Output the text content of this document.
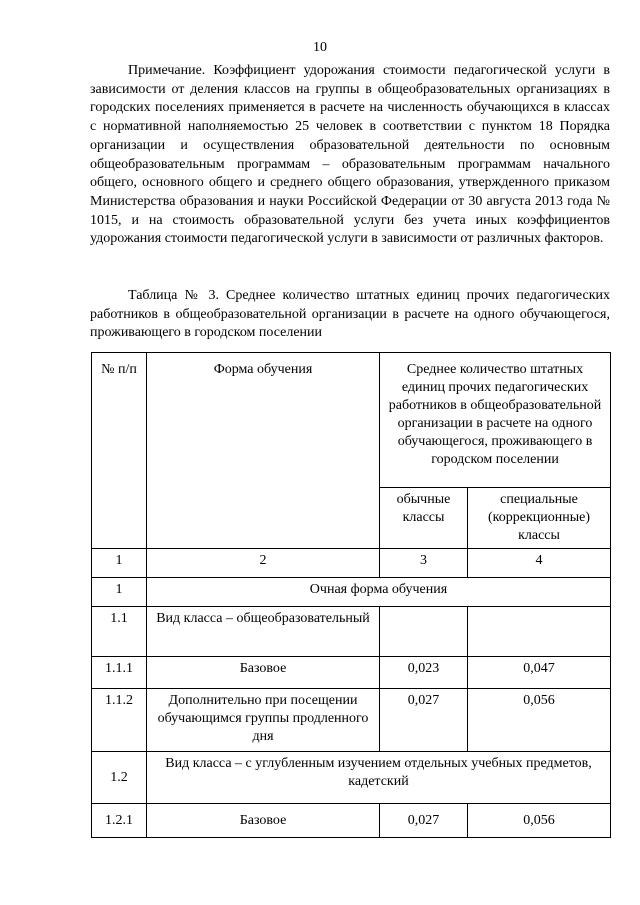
10

Примечание. Коэффициент удорожания стоимости педагогической услуги в зависимости от деления классов на группы в общеобразовательных организациях в городских поселениях применяется в расчете на численность обучающихся в классах с нормативной наполняемостью 25 человек в соответствии с пунктом 18 Порядка организации и осуществления образовательной деятельности по основным общеобразовательным программам – образовательным программам начального общего, основного общего и среднего общего образования, утвержденного приказом Министерства образования и науки Российской Федерации от 30 августа 2013 года № 1015, и на стоимость образовательной услуги без учета иных коэффициентов удорожания стоимости педагогической услуги в зависимости от различных факторов.

Таблица № 3. Среднее количество штатных единиц прочих педагогических работников в общеобразовательной организации в расчете на одного обучающегося, проживающего в городском поселении

№ п/п	Форма обучения	Среднее количество штатных единиц прочих педагогических работников в общеобразовательной организации в расчете на одного обучающегося, проживающего в городском поселении	
		обычные классы	специальные (коррекционные) классы
1	2	3	4
1	Очная форма обучения		
1.1	Вид класса – общеобразовательный		
1.1.1	Базовое	0,023	0,047
1.1.2	Дополнительно при посещении обучающимся группы продленного дня	0,027	0,056
1.2	Вид класса – с углубленным изучением отдельных учебных предметов, кадетский		
1.2.1	Базовое	0,027	0,056
